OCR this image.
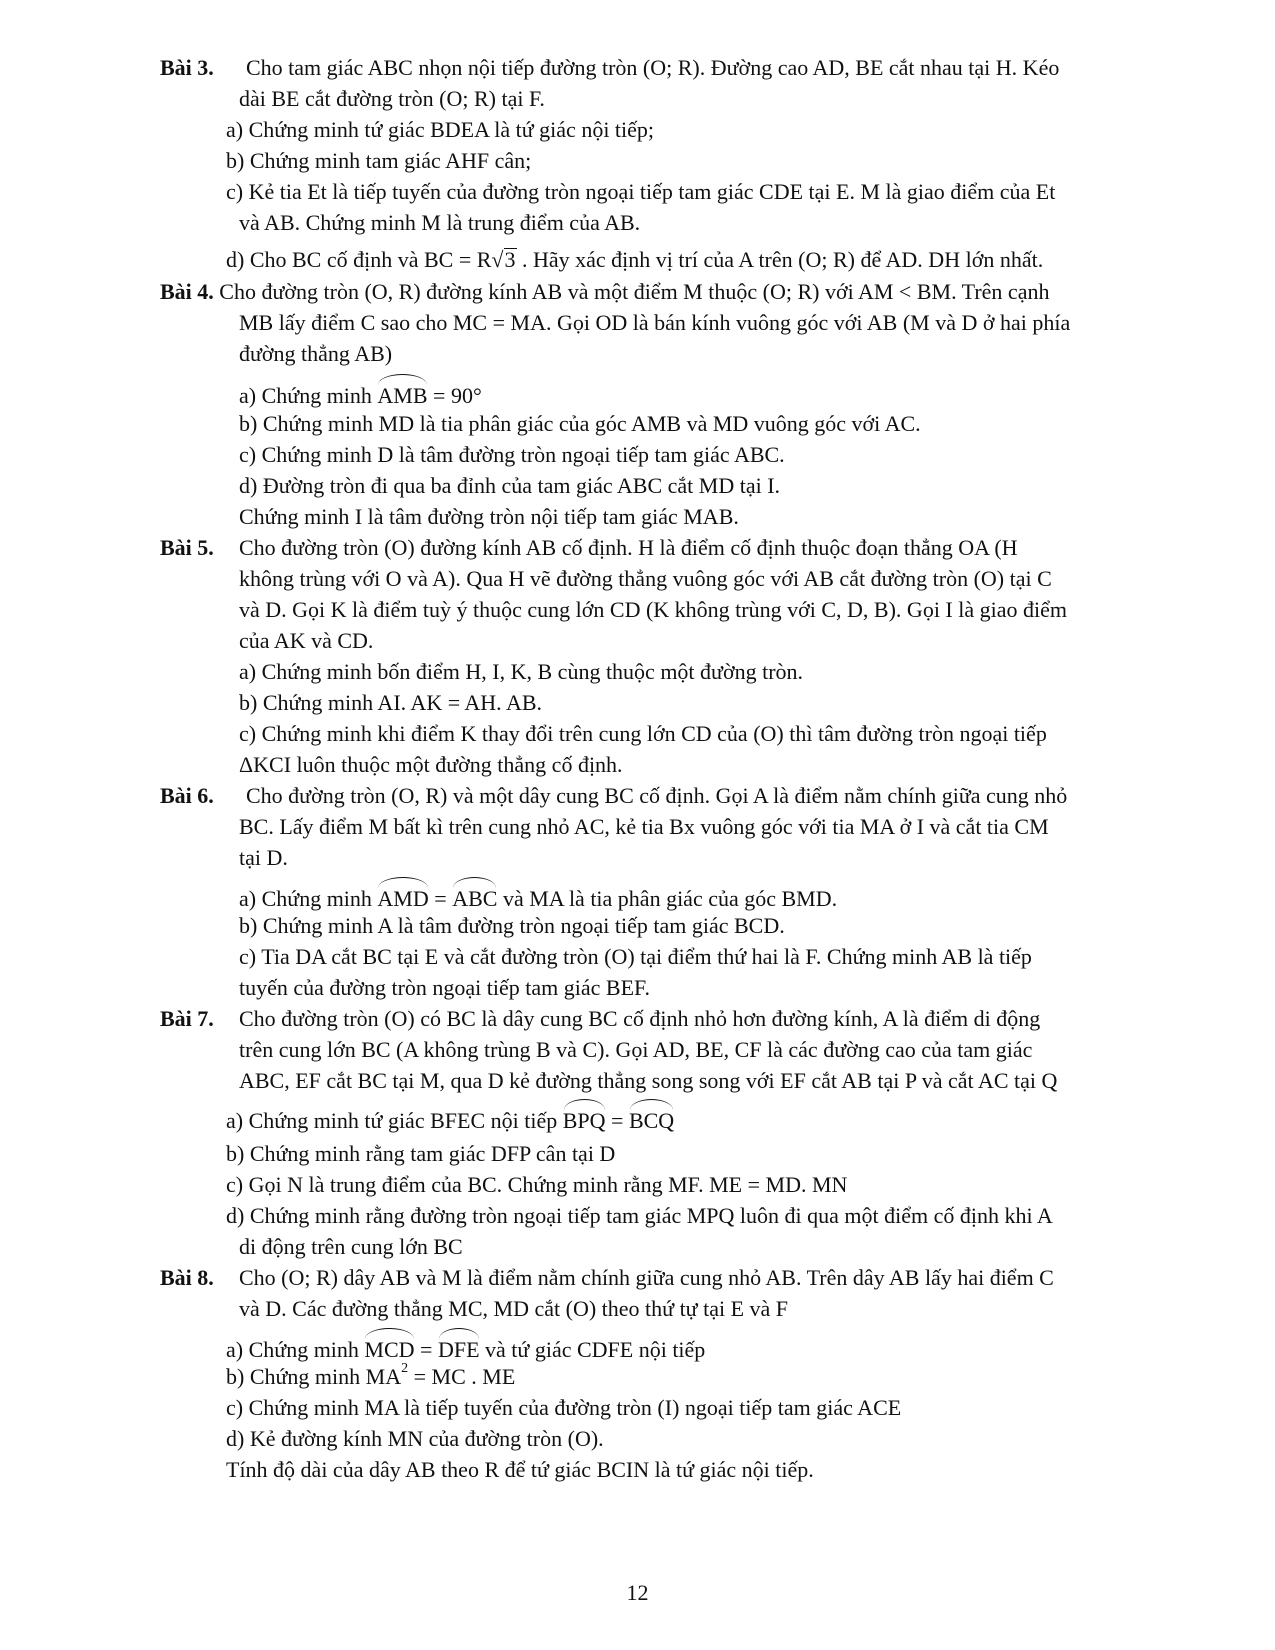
Bài 3. Cho tam giác ABC nhọn nội tiếp đường tròn (O; R). Đường cao AD, BE cắt nhau tại H. Kéo
dài BE cắt đường tròn (O; R) tại F.
a) Chứng minh tứ giác BDEA là tứ giác nội tiếp;
b) Chứng minh tam giác AHF cân;
c) Kẻ tia Et là tiếp tuyến của đường tròn ngoại tiếp tam giác CDE tại E. M là giao điểm của Et
và AB. Chứng minh M là trung điểm của AB.
d) Cho BC cố định và BC = R√3 . Hãy xác định vị trí của A trên (O; R) để AD. DH lớn nhất.
Bài 4. Cho đường tròn (O, R) đường kính AB và một điểm M thuộc (O; R) với AM < BM. Trên cạnh
MB lấy điểm C sao cho MC = MA. Gọi OD là bán kính vuông góc với AB (M và D ở hai phía
đường thẳng AB)
a) Chứng minh AMB = 90°
b) Chứng minh MD là tia phân giác của góc AMB và MD vuông góc với AC.
c) Chứng minh D là tâm đường tròn ngoại tiếp tam giác ABC.
d) Đường tròn đi qua ba đỉnh của tam giác ABC cắt MD tại I.
Chứng minh I là tâm đường tròn nội tiếp tam giác MAB.
Bài 5. Cho đường tròn (O) đường kính AB cố định. H là điểm cố định thuộc đoạn thẳng OA (H
không trùng với O và A). Qua H vẽ đường thẳng vuông góc với AB cắt đường tròn (O) tại C
và D. Gọi K là điểm tuỳ ý thuộc cung lớn CD (K không trùng với C, D, B). Gọi I là giao điểm
của AK và CD.
a) Chứng minh bốn điểm H, I, K, B cùng thuộc một đường tròn.
b) Chứng minh AI. AK = AH. AB.
c) Chứng minh khi điểm K thay đổi trên cung lớn CD của (O) thì tâm đường tròn ngoại tiếp
ΔKCI luôn thuộc một đường thẳng cố định.
Bài 6. Cho đường tròn (O, R) và một dây cung BC cố định. Gọi A là điểm nằm chính giữa cung nhỏ
BC. Lấy điểm M bất kì trên cung nhỏ AC, kẻ tia Bx vuông góc với tia MA ở I và cắt tia CM
tại D.
a) Chứng minh AMD = ABC và MA là tia phân giác của góc BMD.
b) Chứng minh A là tâm đường tròn ngoại tiếp tam giác BCD.
c) Tia DA cắt BC tại E và cắt đường tròn (O) tại điểm thứ hai là F. Chứng minh AB là tiếp
tuyến của đường tròn ngoại tiếp tam giác BEF.
Bài 7. Cho đường tròn (O) có BC là dây cung BC cố định nhỏ hơn đường kính, A là điểm di động
trên cung lớn BC (A không trùng B và C). Gọi AD, BE, CF là các đường cao của tam giác
ABC, EF cắt BC tại M, qua D kẻ đường thẳng song song với EF cắt AB tại P và cắt AC tại Q
a) Chứng minh tứ giác BFEC nội tiếp BPQ = BCQ
b) Chứng minh rằng tam giác DFP cân tại D
c) Gọi N là trung điểm của BC. Chứng minh rằng MF. ME = MD. MN
d) Chứng minh rằng đường tròn ngoại tiếp tam giác MPQ luôn đi qua một điểm cố định khi A
di động trên cung lớn BC
Bài 8. Cho (O; R) dây AB và M là điểm nằm chính giữa cung nhỏ AB. Trên dây AB lấy hai điểm C
và D. Các đường thẳng MC, MD cắt (O) theo thứ tự tại E và F
a) Chứng minh MCD = DFE và tứ giác CDFE nội tiếp
b) Chứng minh $MA^2$ = MC . ME
c) Chứng minh MA là tiếp tuyến của đường tròn (I) ngoại tiếp tam giác ACE
d) Kẻ đường kính MN của đường tròn (O).
Tính độ dài của dây AB theo R để tứ giác BCIN là tứ giác nội tiếp.
12
